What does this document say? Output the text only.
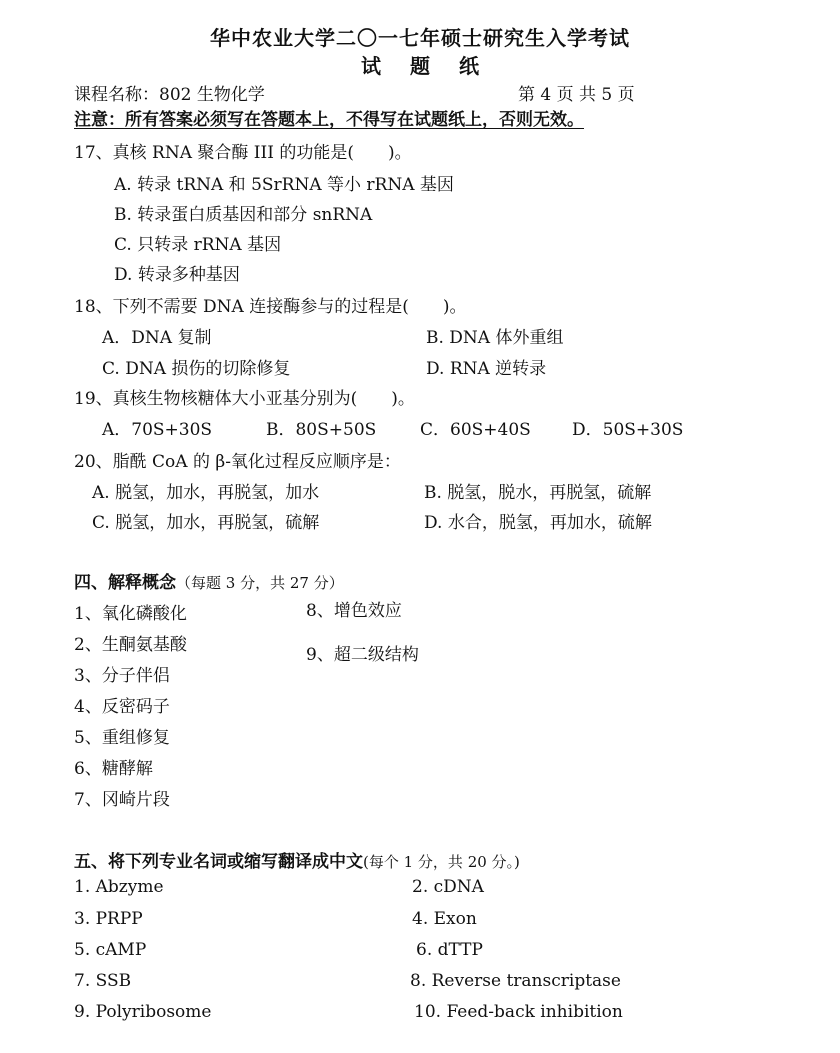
华中农业大学二〇一七年硕士研究生入学考试
试 题 纸
课程名称：802 生物化学	第 4 页 共 5 页
注意：所有答案必须写在答题本上，不得写在试题纸上，否则无效。
17、真核 RNA 聚合酶 III 的功能是(　　)。
A. 转录 tRNA 和 5SrRNA 等小 rRNA 基因
B. 转录蛋白质基因和部分 snRNA
C. 只转录 rRNA 基因
D. 转录多种基因
18、下列不需要 DNA 连接酶参与的过程是(　　)。
A．DNA 复制	B. DNA 体外重组
C. DNA 损伤的切除修复	D. RNA 逆转录
19、真核生物核糖体大小亚基分别为(　　)。
A．70S+30S	B．80S+50S	C．60S+40S D．50S+30S
20、脂酰 CoA 的 β-氧化过程反应顺序是：
A. 脱氢，加水，再脱氢，加水	B. 脱氢，脱水，再脱氢，硫解
C. 脱氢，加水，再脱氢，硫解	D. 水合，脱氢，再加水，硫解
四、解释概念（每题 3 分，共 27 分）
1、氧化磷酸化
2、生酮氨基酸
3、分子伴侣
4、反密码子
5、重组修复
6、糖酵解
7、冈崎片段
8、增色效应
9、超二级结构
五、将下列专业名词或缩写翻译成中文(每个 1 分，共 20 分。)
1. Abzyme	2. cDNA
3. PRPP	4. Exon
5. cAMP	6. dTTP
7. SSB	8. Reverse transcriptase
9. Polyribosome	10. Feed-back inhibition
